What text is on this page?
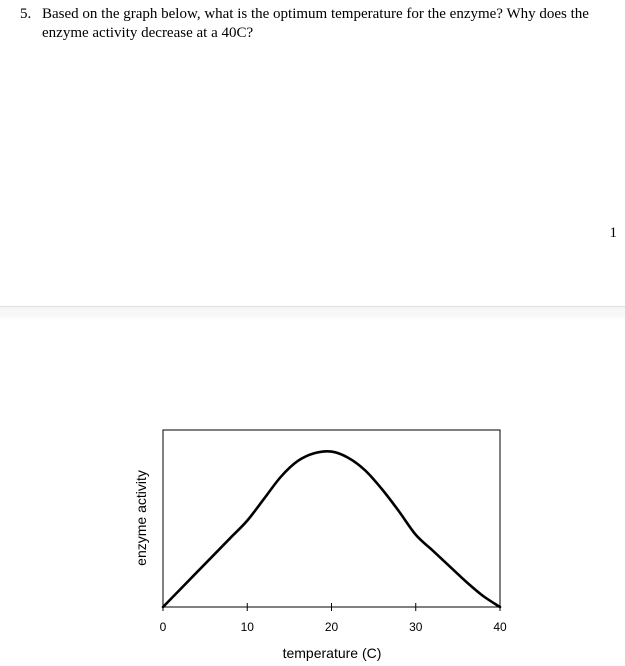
5. Based on the graph below, what is the optimum temperature for the enzyme? Why does the enzyme activity decrease at a 40C?
1
0	10	20	30	40
temperature (C)
enzyme activity
